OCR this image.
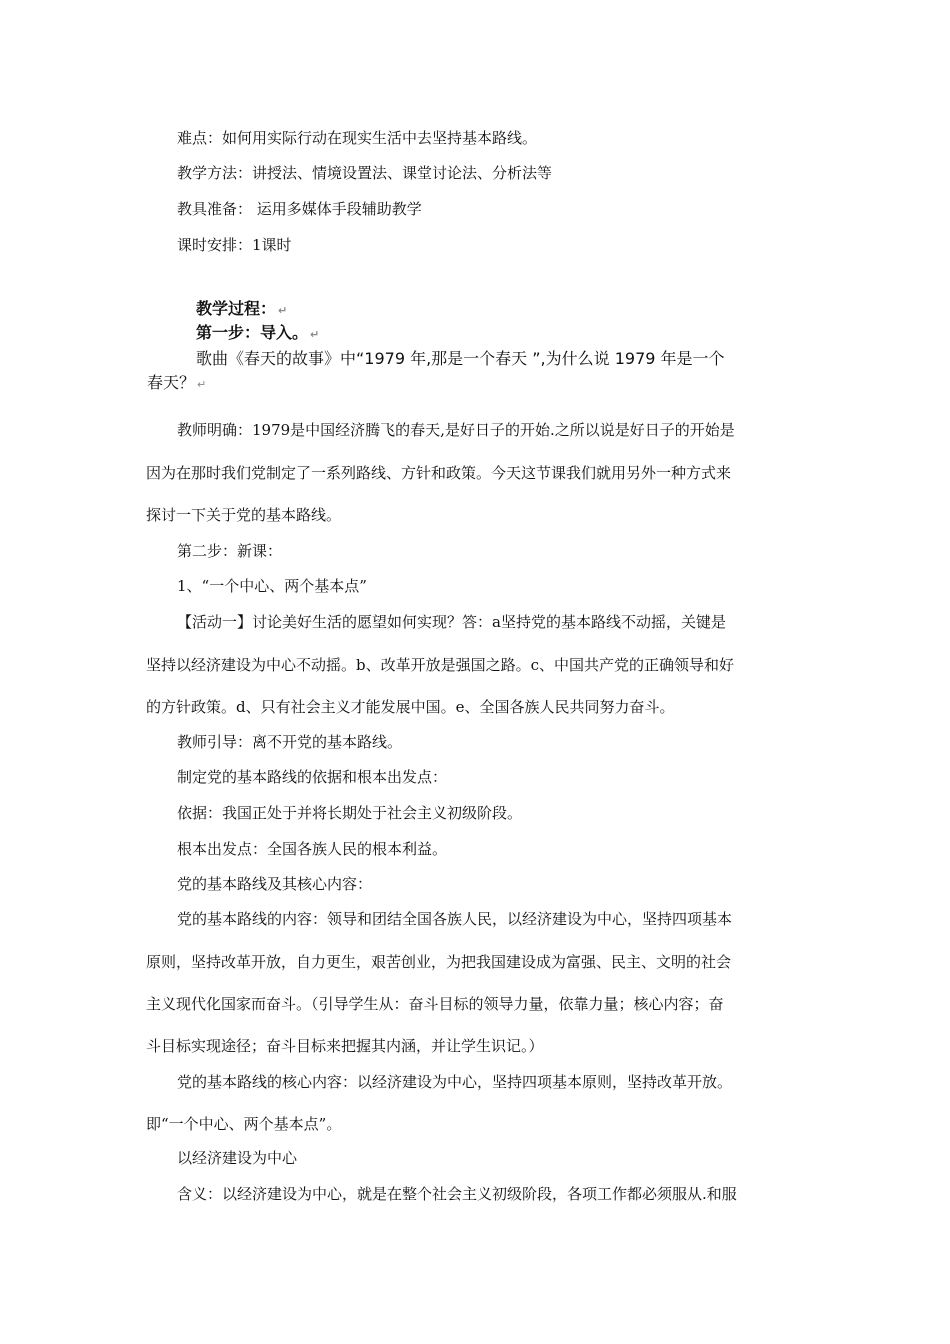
难点：如何用实际行动在现实生活中去坚持基本路线。
教学方法：讲授法、情境设置法、课堂讨论法、分析法等
教具准备： 运用多媒体手段辅助教学
课时安排：1课时
教学过程： ↵
第一步：导入。 ↵
歌曲《春天的故事》中“1979 年,那是一个春天 ”,为什么说 1979 年是一个
春天？ ↵
教师明确：1979是中国经济腾飞的春天,是好日子的开始.之所以说是好日子的开始是
因为在那时我们党制定了一系列路线、方针和政策。今天这节课我们就用另外一种方式来
探讨一下关于党的基本路线。
第二步：新课：
1、“一个中心、两个基本点”
【活动一】讨论美好生活的愿望如何实现？答：a坚持党的基本路线不动摇，关键是
坚持以经济建设为中心不动摇。b、改革开放是强国之路。c、中国共产党的正确领导和好
的方针政策。d、只有社会主义才能发展中国。e、全国各族人民共同努力奋斗。
教师引导：离不开党的基本路线。
制定党的基本路线的依据和根本出发点：
依据：我国正处于并将长期处于社会主义初级阶段。
根本出发点：全国各族人民的根本利益。
党的基本路线及其核心内容：
党的基本路线的内容：领导和团结全国各族人民，以经济建设为中心，坚持四项基本
原则，坚持改革开放，自力更生，艰苦创业，为把我国建设成为富强、民主、文明的社会
主义现代化国家而奋斗。（引导学生从：奋斗目标的领导力量，依靠力量；核心内容；奋
斗目标实现途径；奋斗目标来把握其内涵，并让学生识记。）
党的基本路线的核心内容：以经济建设为中心，坚持四项基本原则，坚持改革开放。
即“一个中心、两个基本点”。
以经济建设为中心
含义：以经济建设为中心，就是在整个社会主义初级阶段，各项工作都必须服从.和服
